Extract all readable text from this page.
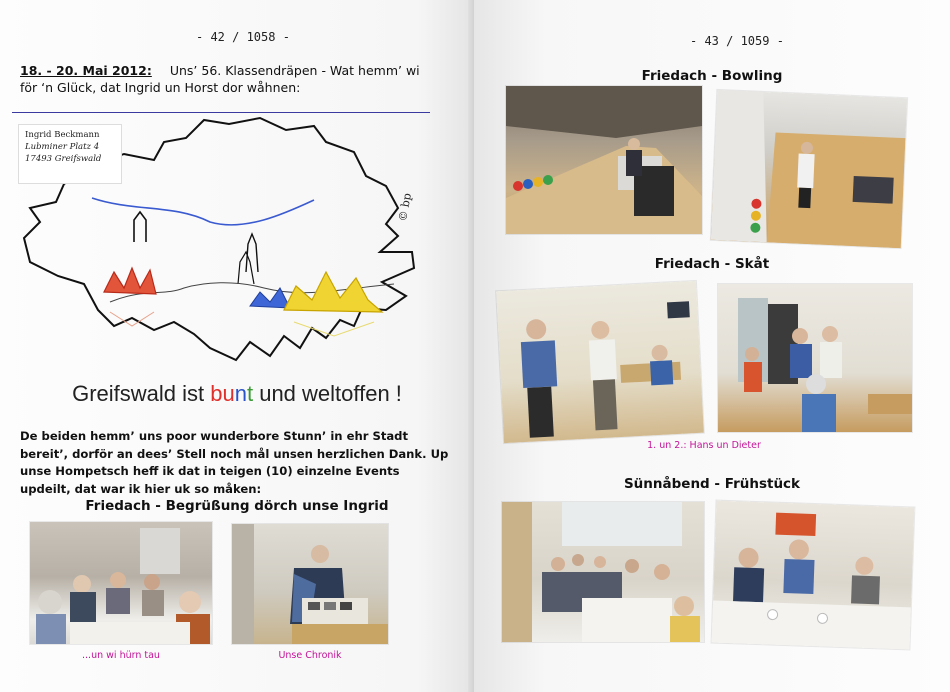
- 42 / 1058 -
18. - 20. Mai 2012: Uns’ 56. Klassendräpen - Wat hemm’ wi för ‘n Glück, dat Ingrid un Horst dor wåhnen:
© bp
Ingrid Beckmann
Lubminer Platz 4
17493 Greifswald
Greifswald ist bunt und weltoffen !
De beiden hemm’ uns poor wunderbore Stunn’ in ehr Stadt bereit’, dorför an dees’ Stell noch mål unsen herzlichen Dank. Up unse Hompetsch heff ik dat in teigen (10) einzelne Events updeilt, dat war ik hier uk so måken:
Friedach - Begrüßung dörch unse Ingrid
...un wi hürn tau	Unse Chronik
- 43 / 1059 -
Friedach - Bowling
Friedach - Skåt
1. un 2.: Hans un Dieter
Sünnåbend - Frühstück
